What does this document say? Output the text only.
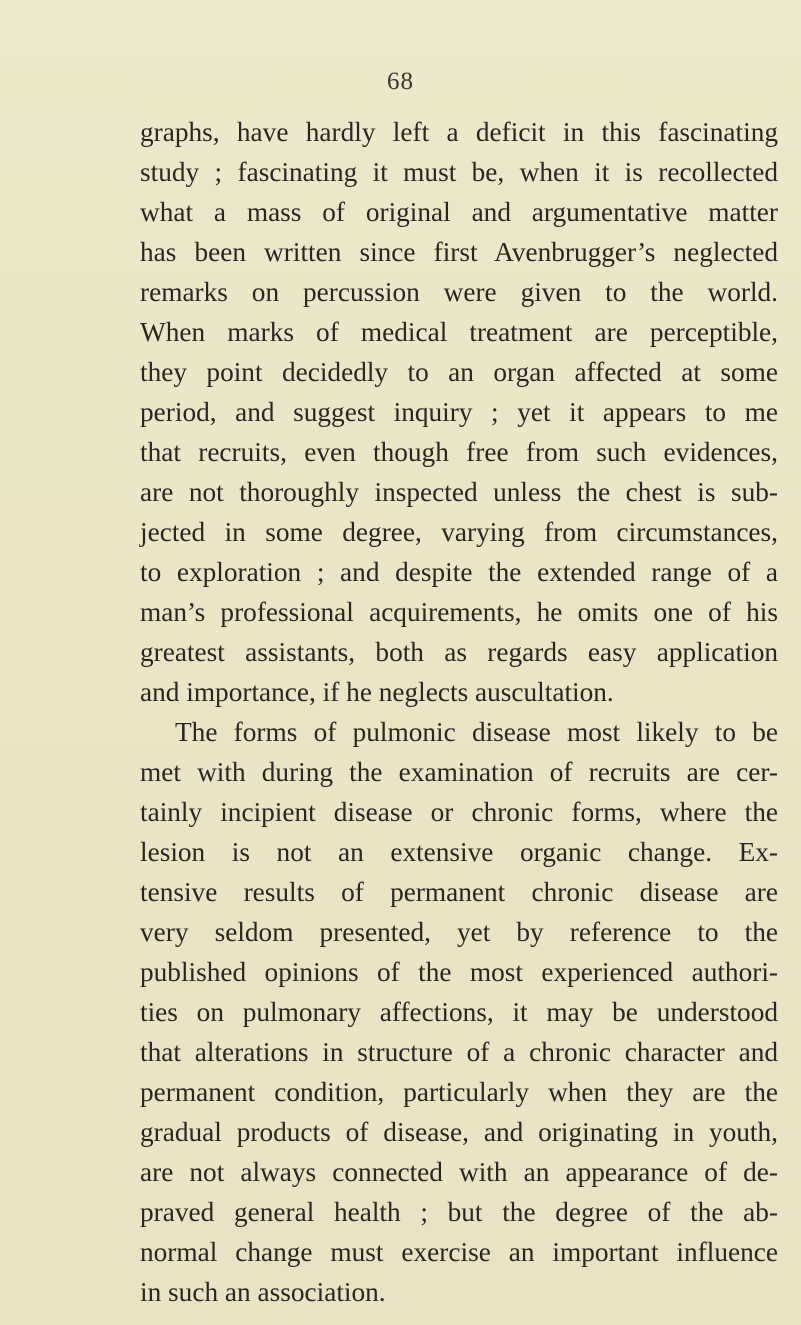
68
graphs, have hardly left a deficit in this fascinating
study ; fascinating it must be, when it is recollected
what a mass of original and argumentative matter
has been written since first Avenbrugger’s neglected
remarks on percussion were given to the world.
When marks of medical treatment are perceptible,
they point decidedly to an organ affected at some
period, and suggest inquiry ; yet it appears to me
that recruits, even though free from such evidences,
are not thoroughly inspected unless the chest is sub-
jected in some degree, varying from circumstances,
to exploration ; and despite the extended range of a
man’s professional acquirements, he omits one of his
greatest assistants, both as regards easy application
and importance, if he neglects auscultation.
The forms of pulmonic disease most likely to be
met with during the examination of recruits are cer-
tainly incipient disease or chronic forms, where the
lesion is not an extensive organic change. Ex-
tensive results of permanent chronic disease are
very seldom presented, yet by reference to the
published opinions of the most experienced authori-
ties on pulmonary affections, it may be understood
that alterations in structure of a chronic character and
permanent condition, particularly when they are the
gradual products of disease, and originating in youth,
are not always connected with an appearance of de-
praved general health ; but the degree of the ab-
normal change must exercise an important influence
in such an association.
